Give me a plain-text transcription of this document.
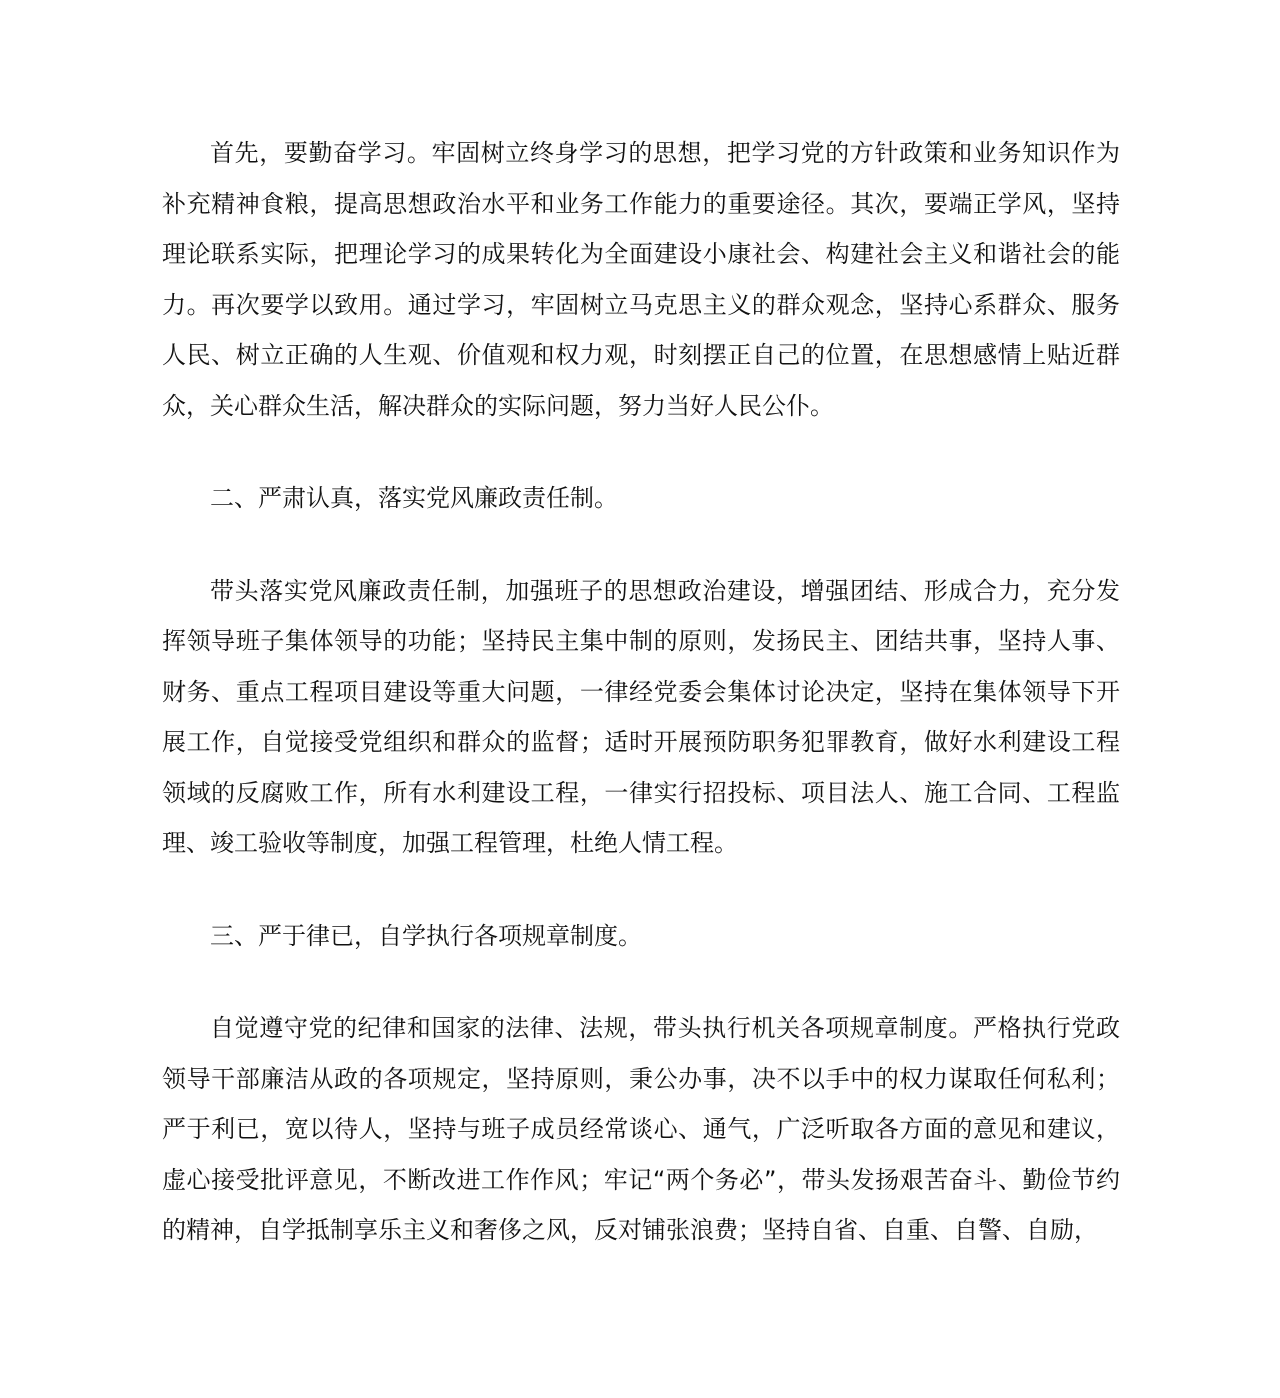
首先，要勤奋学习。牢固树立终身学习的思想，把学习党的方针政策和业务知识作为补充精神食粮，提高思想政治水平和业务工作能力的重要途径。其次，要端正学风，坚持理论联系实际，把理论学习的成果转化为全面建设小康社会、构建社会主义和谐社会的能力。再次要学以致用。通过学习，牢固树立马克思主义的群众观念，坚持心系群众、服务人民、树立正确的人生观、价值观和权力观，时刻摆正自己的位置，在思想感情上贴近群众，关心群众生活，解决群众的实际问题，努力当好人民公仆。

二、严肃认真，落实党风廉政责任制。

带头落实党风廉政责任制，加强班子的思想政治建设，增强团结、形成合力，充分发挥领导班子集体领导的功能；坚持民主集中制的原则，发扬民主、团结共事，坚持人事、财务、重点工程项目建设等重大问题，一律经党委会集体讨论决定，坚持在集体领导下开展工作，自觉接受党组织和群众的监督；适时开展预防职务犯罪教育，做好水利建设工程领域的反腐败工作，所有水利建设工程，一律实行招投标、项目法人、施工合同、工程监理、竣工验收等制度，加强工程管理，杜绝人情工程。

三、严于律已，自学执行各项规章制度。

自觉遵守党的纪律和国家的法律、法规，带头执行机关各项规章制度。严格执行党政领导干部廉洁从政的各项规定，坚持原则，秉公办事，决不以手中的权力谋取任何私利；严于利已，宽以待人，坚持与班子成员经常谈心、通气，广泛听取各方面的意见和建议，虚心接受批评意见，不断改进工作作风；牢记“两个务必”，带头发扬艰苦奋斗、勤俭节约的精神，自学抵制享乐主义和奢侈之风，反对铺张浪费；坚持自省、自重、自警、自励，
